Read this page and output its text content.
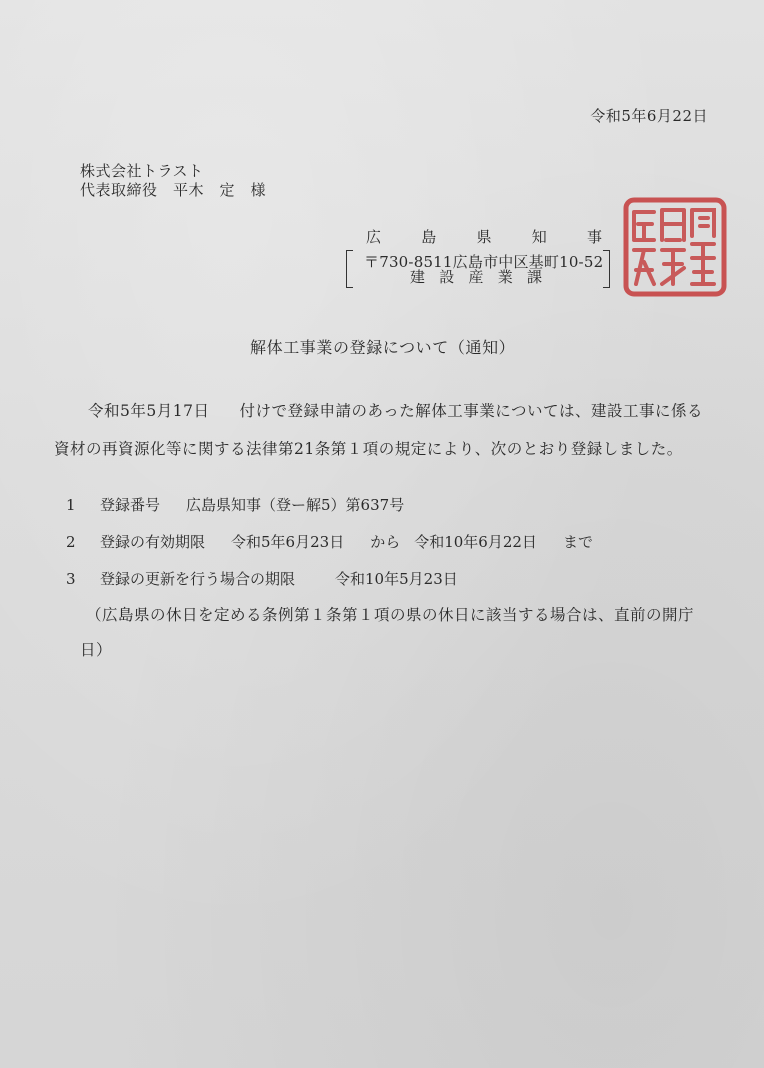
令和5年6月22日
株式会社トラスト
代表取締役　平木　定　様
広	島	県	知	事
〒730-8511広島市中区基町10-52
建 設 産 業 課
解体工事業の登録について（通知）
令和5年5月17日 付けで登録申請のあった解体工事業については、建設工事に係る
資材の再資源化等に関する法律第21条第１項の規定により、次のとおり登録しました。
1 登録番号 広島県知事（登ー解5）第637号
2 登録の有効期限 令和5年6月23日 から 令和10年6月22日 まで
3 登録の更新を行う場合の期限	令和10年5月23日
（広島県の休日を定める条例第１条第１項の県の休日に該当する場合は、直前の開庁
日）
